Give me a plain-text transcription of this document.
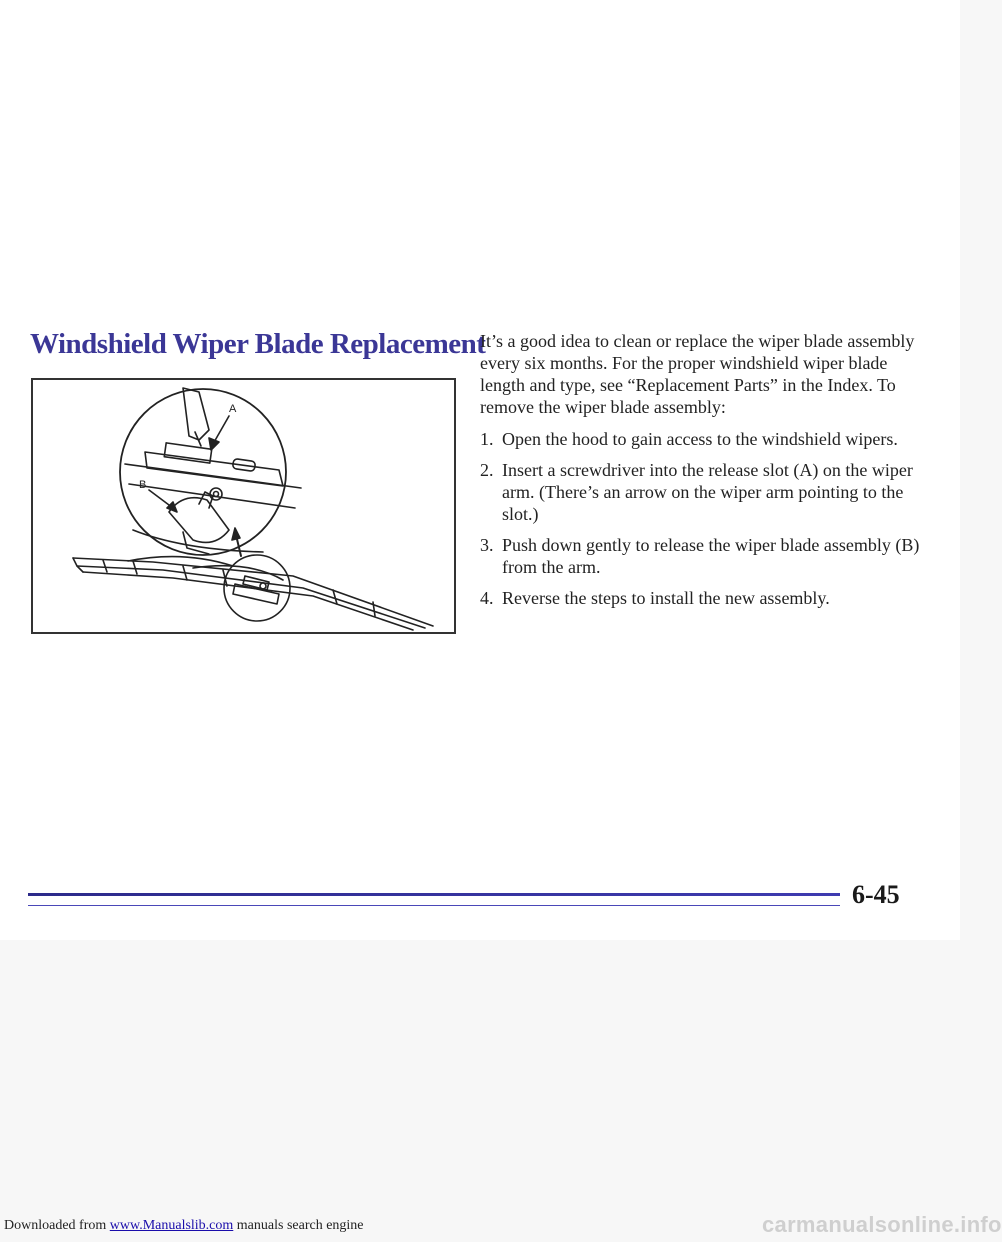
Windshield Wiper Blade Replacement
A
B

It’s a good idea to clean or replace the wiper blade assembly every six months. For the proper windshield wiper blade length and type, see “Replacement Parts” in the Index. To remove the wiper blade assembly:

1. Open the hood to gain access to the windshield wipers.
2. Insert a screwdriver into the release slot (A) on the wiper arm. (There’s an arrow on the wiper arm pointing to the slot.)
3. Push down gently to release the wiper blade assembly (B) from the arm.
4. Reverse the steps to install the new assembly.
6-45
Downloaded from www.Manualslib.com manuals search engine	carmanualsonline.info
